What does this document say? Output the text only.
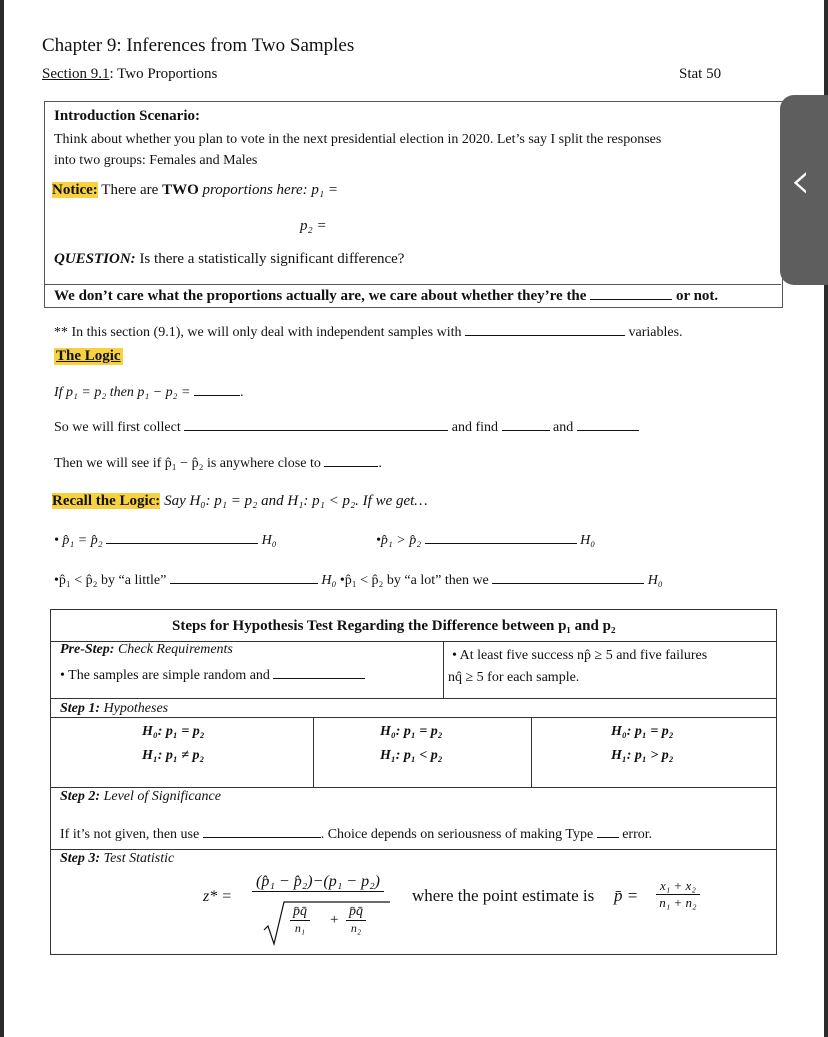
Chapter 9: Inferences from Two Samples
Section 9.1: Two Proportions	Stat 50
Introduction Scenario:
Think about whether you plan to vote in the next presidential election in 2020. Let’s say I split the responses
into two groups: Females and Males
Notice: There are TWO proportions here: p₁ =
p₂ =
QUESTION: Is there a statistically significant difference?
We don’t care what the proportions actually are, we care about whether they’re the	or not.
‹
** In this section (9.1), we will only deal with independent samples with	variables.
The Logic
If p₁ = p₂ then p₁ − p₂ =	.
So we will first collect	and find	and
Then we will see if p̂₁ − p̂₂ is anywhere close to	.
Recall the Logic: Say H₀: p₁ = p₂ and H₁: p₁ < p₂. If we get…
• p̂₁ = p̂₂	H₀	•p̂₁ > p̂₂	H₀
•p̂₁ < p̂₂ by “a little”	H₀ •p̂₁ < p̂₂ by “a lot” then we	H₀
Steps for Hypothesis Test Regarding the Difference between p₁ and p₂
Pre-Step: Check Requirements
• The samples are simple random and
• At least five success np̂ ≥ 5 and five failures
nq̂ ≥ 5 for each sample.
Step 1: Hypotheses
H₀: p₁ = p₂
H₁: p₁ ≠ p₂
H₀: p₁ = p₂
H₁: p₁ < p₂
H₀: p₁ = p₂
H₁: p₁ > p₂
Step 2: Level of Significance
If it’s not given, then use	. Choice depends on seriousness of making Type error.
Step 3: Test Statistic
z* =
(p̂₁ − p̂₂)−(p₁ − p₂)
p̄q̄
n₁	+
p̄q̄
n₂
where the point estimate is p̄ = $\frac{\text{x₁ + x₂}}{\text{n₁ + n₂}}$
